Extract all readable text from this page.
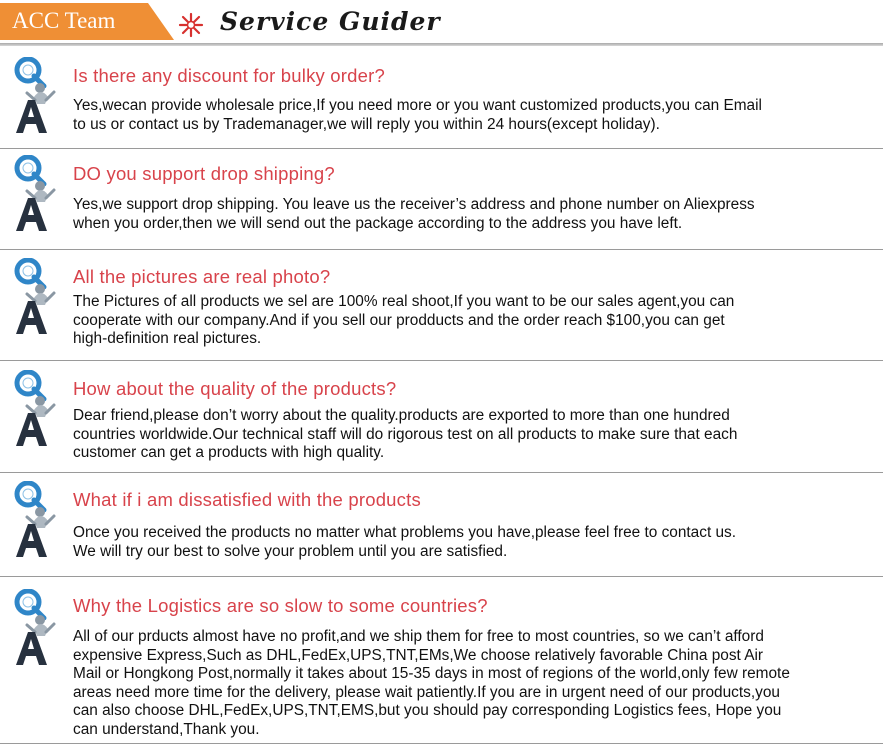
ACC Team	Service Guider
Is there any discount for bulky order?
Yes,wecan provide wholesale price,If you need more or you want customized products,you can Email
to us or contact us by Trademanager,we will reply you within 24 hours(except holiday).
DO you support drop shipping?
Yes,we support drop shipping. You leave us the receiver’s address and phone number on Aliexpress
when you order,then we will send out the package according to the address you have left.
All the pictures are real photo?
The Pictures of all products we sel are 100% real shoot,If you want to be our sales agent,you can
cooperate with our company.And if you sell our prodducts and the order reach $100,you can get
high-definition real pictures.
How about the quality of the products?
Dear friend,please don’t worry about the quality.products are exported to more than one hundred
countries worldwide.Our technical staff will do rigorous test on all products to make sure that each
customer can get a products with high quality.
What if i am dissatisfied with the products
Once you received the products no matter what problems you have,please feel free to contact us.
We will try our best to solve your problem until you are satisfied.
Why the Logistics are so slow to some countries?
All of our prducts almost have no profit,and we ship them for free to most countries, so we can’t afford
expensive Express,Such as DHL,FedEx,UPS,TNT,EMs,We choose relatively favorable China post Air
Mail or Hongkong Post,normally it takes about 15-35 days in most of regions of the world,only few remote
areas need more time for the delivery, please wait patiently.If you are in urgent need of our products,you
can also choose DHL,FedEx,UPS,TNT,EMS,but you should pay corresponding Logistics fees, Hope you
can understand,Thank you.
